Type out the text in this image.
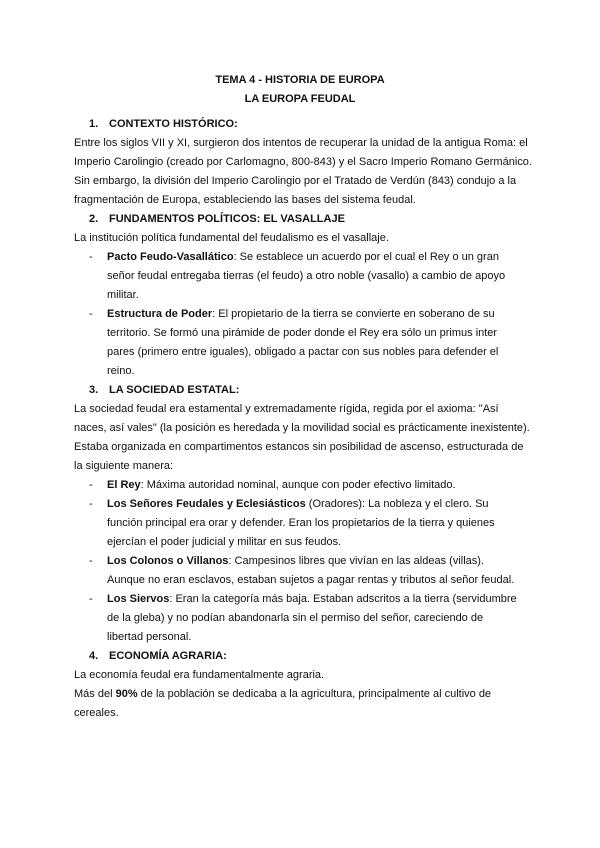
TEMA 4 - HISTORIA DE EUROPA
LA EUROPA FEUDAL
1. CONTEXTO HISTÓRICO:
Entre los siglos VII y XI, surgieron dos intentos de recuperar la unidad de la antigua Roma: el Imperio Carolingio (creado por Carlomagno, 800-843) y el Sacro Imperio Romano Germánico. Sin embargo, la división del Imperio Carolingio por el Tratado de Verdún (843) condujo a la fragmentación de Europa, estableciendo las bases del sistema feudal.
2. FUNDAMENTOS POLÍTICOS: EL VASALLAJE
La institución política fundamental del feudalismo es el vasallaje.
- Pacto Feudo-Vasallático: Se establece un acuerdo por el cual el Rey o un gran señor feudal entregaba tierras (el feudo) a otro noble (vasallo) a cambio de apoyo militar.
- Estructura de Poder: El propietario de la tierra se convierte en soberano de su territorio. Se formó una pirámide de poder donde el Rey era sólo un primus inter pares (primero entre iguales), obligado a pactar con sus nobles para defender el reino.
3. LA SOCIEDAD ESTATAL:
La sociedad feudal era estamental y extremadamente rígida, regida por el axioma: "Así naces, así vales" (la posición es heredada y la movilidad social es prácticamente inexistente). Estaba organizada en compartimentos estancos sin posibilidad de ascenso, estructurada de la siguiente manera:
- El Rey: Máxima autoridad nominal, aunque con poder efectivo limitado.
- Los Señores Feudales y Eclesiásticos (Oradores): La nobleza y el clero. Su función principal era orar y defender. Eran los propietarios de la tierra y quienes ejercían el poder judicial y militar en sus feudos.
- Los Colonos o Villanos: Campesinos libres que vivían en las aldeas (villas). Aunque no eran esclavos, estaban sujetos a pagar rentas y tributos al señor feudal.
- Los Siervos: Eran la categoría más baja. Estaban adscritos a la tierra (servidumbre de la gleba) y no podían abandonarla sin el permiso del señor, careciendo de libertad personal.
4. ECONOMÍA AGRARIA:
La economía feudal era fundamentalmente agraria.
Más del 90% de la población se dedicaba a la agricultura, principalmente al cultivo de cereales.
